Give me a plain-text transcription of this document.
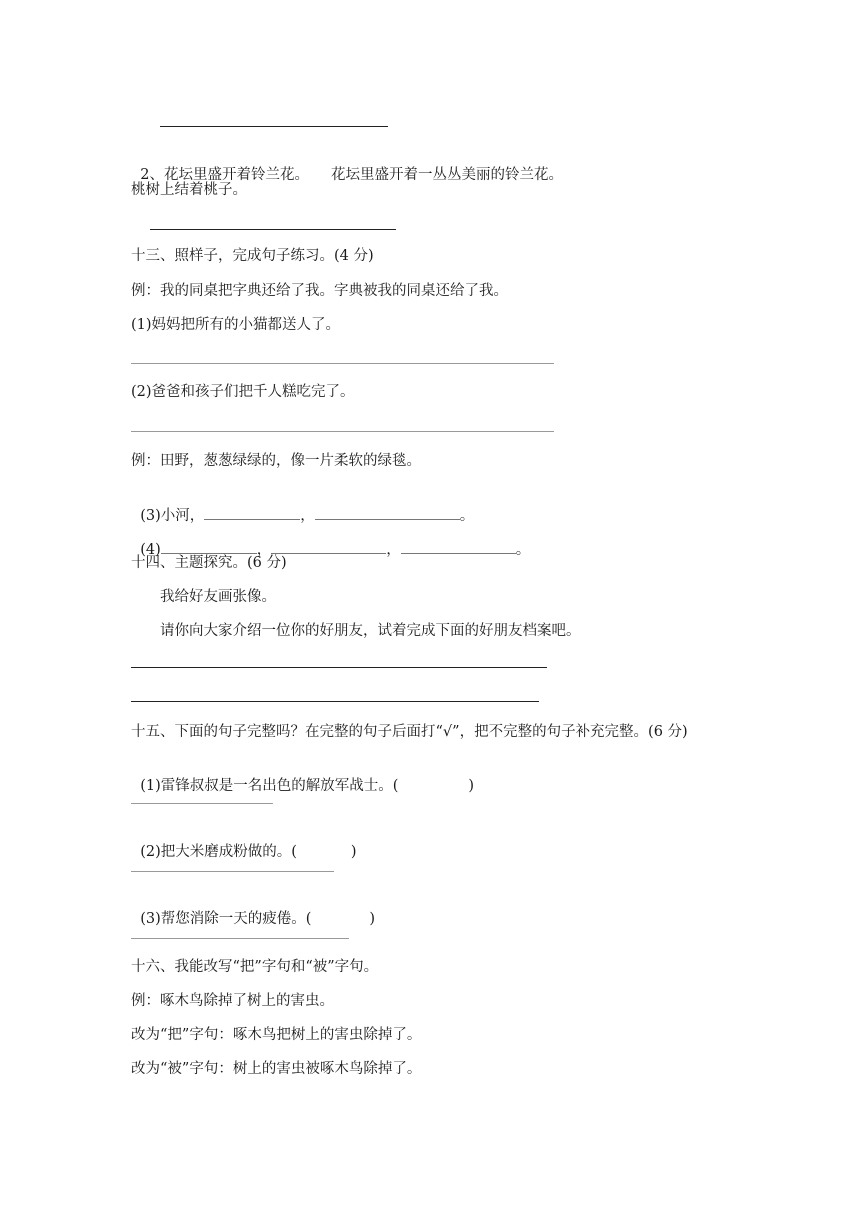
2、花坛里盛开着铃兰花。 花坛里盛开着一丛丛美丽的铃兰花。

桃树上结着桃子。
十三、照样子，完成句子练习。(4 分)
例：我的同桌把字典还给了我。字典被我的同桌还给了我。
(1)妈妈把所有的小猫都送人了。
(2)爸爸和孩子们把千人糕吃完了。
例：田野，葱葱绿绿的，像一片柔软的绿毯。

(3)小河，	，	。

(4)	，	，	。

十四、主题探究。(6 分)
我给好友画张像。
请你向大家介绍一位你的好朋友，试着完成下面的好朋友档案吧。
十五、下面的句子完整吗？在完整的句子后面打“√”，把不完整的句子补充完整。(6 分)

(1)雷锋叔叔是一名出色的解放军战士。(	)

(2)把大米磨成粉做的。(	)

(3)帮您消除一天的疲倦。(	)

十六、我能改写“把”字句和“被”字句。
例：啄木鸟除掉了树上的害虫。
改为“把”字句：啄木鸟把树上的害虫除掉了。
改为“被”字句：树上的害虫被啄木鸟除掉了。
